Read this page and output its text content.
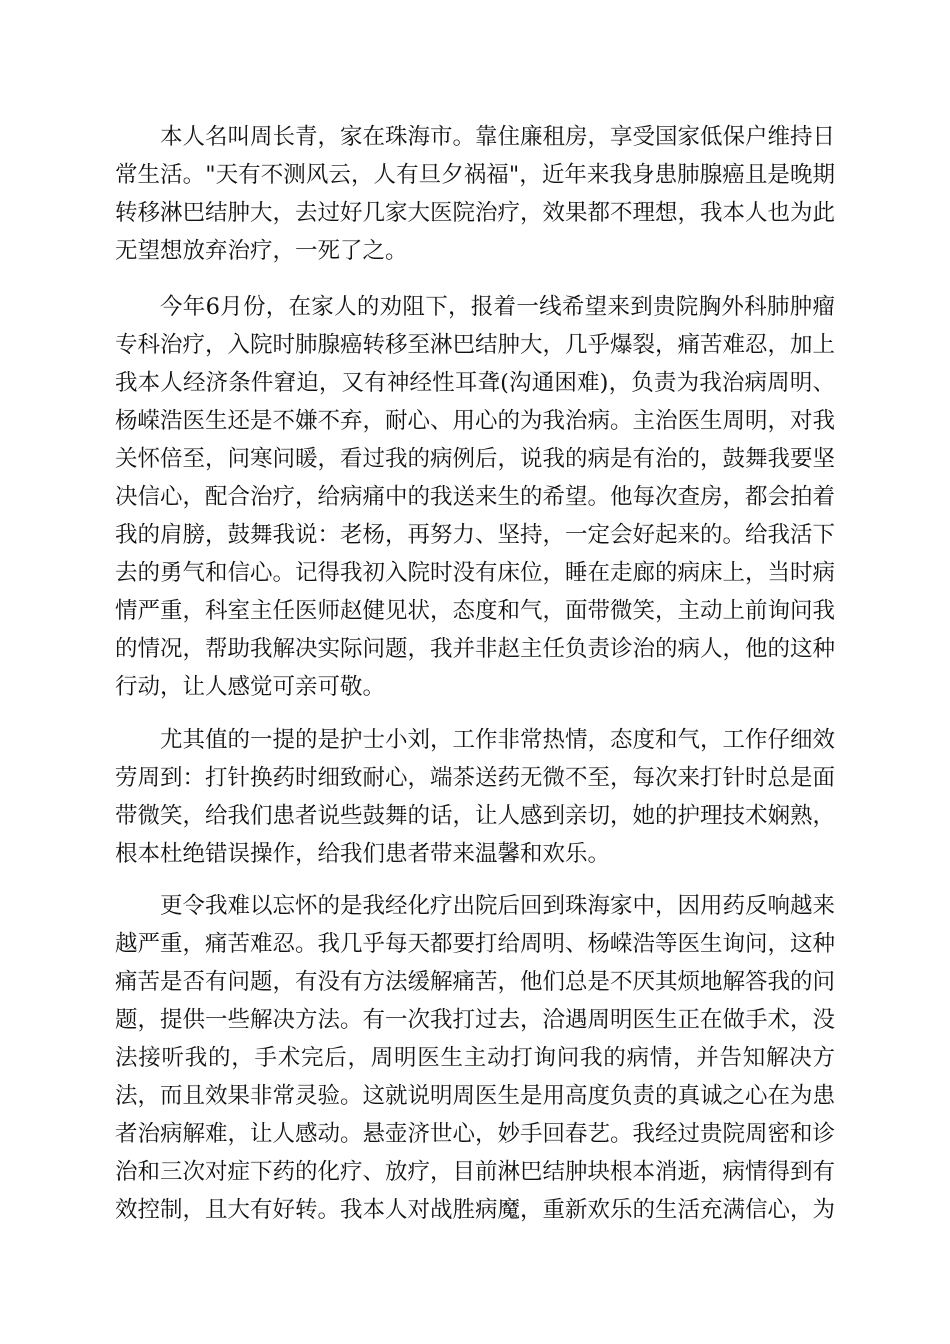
本人名叫周长青，家在珠海市。靠住廉租房，享受国家低保户维持日常生活。"天有不测风云，人有旦夕祸福"，近年来我身患肺腺癌且是晚期转移淋巴结肿大，去过好几家大医院治疗，效果都不理想，我本人也为此无望想放弃治疗，一死了之。

今年6月份，在家人的劝阻下，报着一线希望来到贵院胸外科肺肿瘤专科治疗，入院时肺腺癌转移至淋巴结肿大，几乎爆裂，痛苦难忍，加上我本人经济条件窘迫，又有神经性耳聋(沟通困难)，负责为我治病周明、杨嵘浩医生还是不嫌不弃，耐心、用心的为我治病。主治医生周明，对我关怀倍至，问寒问暖，看过我的病例后，说我的病是有治的，鼓舞我要坚决信心，配合治疗，给病痛中的我送来生的希望。他每次查房，都会拍着我的肩膀，鼓舞我说：老杨，再努力、坚持，一定会好起来的。给我活下去的勇气和信心。记得我初入院时没有床位，睡在走廊的病床上，当时病情严重，科室主任医师赵健见状，态度和气，面带微笑，主动上前询问我的情况，帮助我解决实际问题，我并非赵主任负责诊治的病人，他的这种行动，让人感觉可亲可敬。

尤其值的一提的是护士小刘，工作非常热情，态度和气，工作仔细效劳周到：打针换药时细致耐心，端茶送药无微不至，每次来打针时总是面带微笑，给我们患者说些鼓舞的话，让人感到亲切，她的护理技术娴熟，根本杜绝错误操作，给我们患者带来温馨和欢乐。

更令我难以忘怀的是我经化疗出院后回到珠海家中，因用药反响越来越严重，痛苦难忍。我几乎每天都要打给周明、杨嵘浩等医生询问，这种痛苦是否有问题，有没有方法缓解痛苦，他们总是不厌其烦地解答我的问题，提供一些解决方法。有一次我打过去，洽遇周明医生正在做手术，没法接听我的，手术完后，周明医生主动打询问我的病情，并告知解决方法，而且效果非常灵验。这就说明周医生是用高度负责的真诚之心在为患者治病解难，让人感动。悬壶济世心，妙手回春艺。我经过贵院周密和诊治和三次对症下药的化疗、放疗，目前淋巴结肿块根本消逝，病情得到有效控制，且大有好转。我本人对战胜病魔，重新欢乐的生活充满信心，为
